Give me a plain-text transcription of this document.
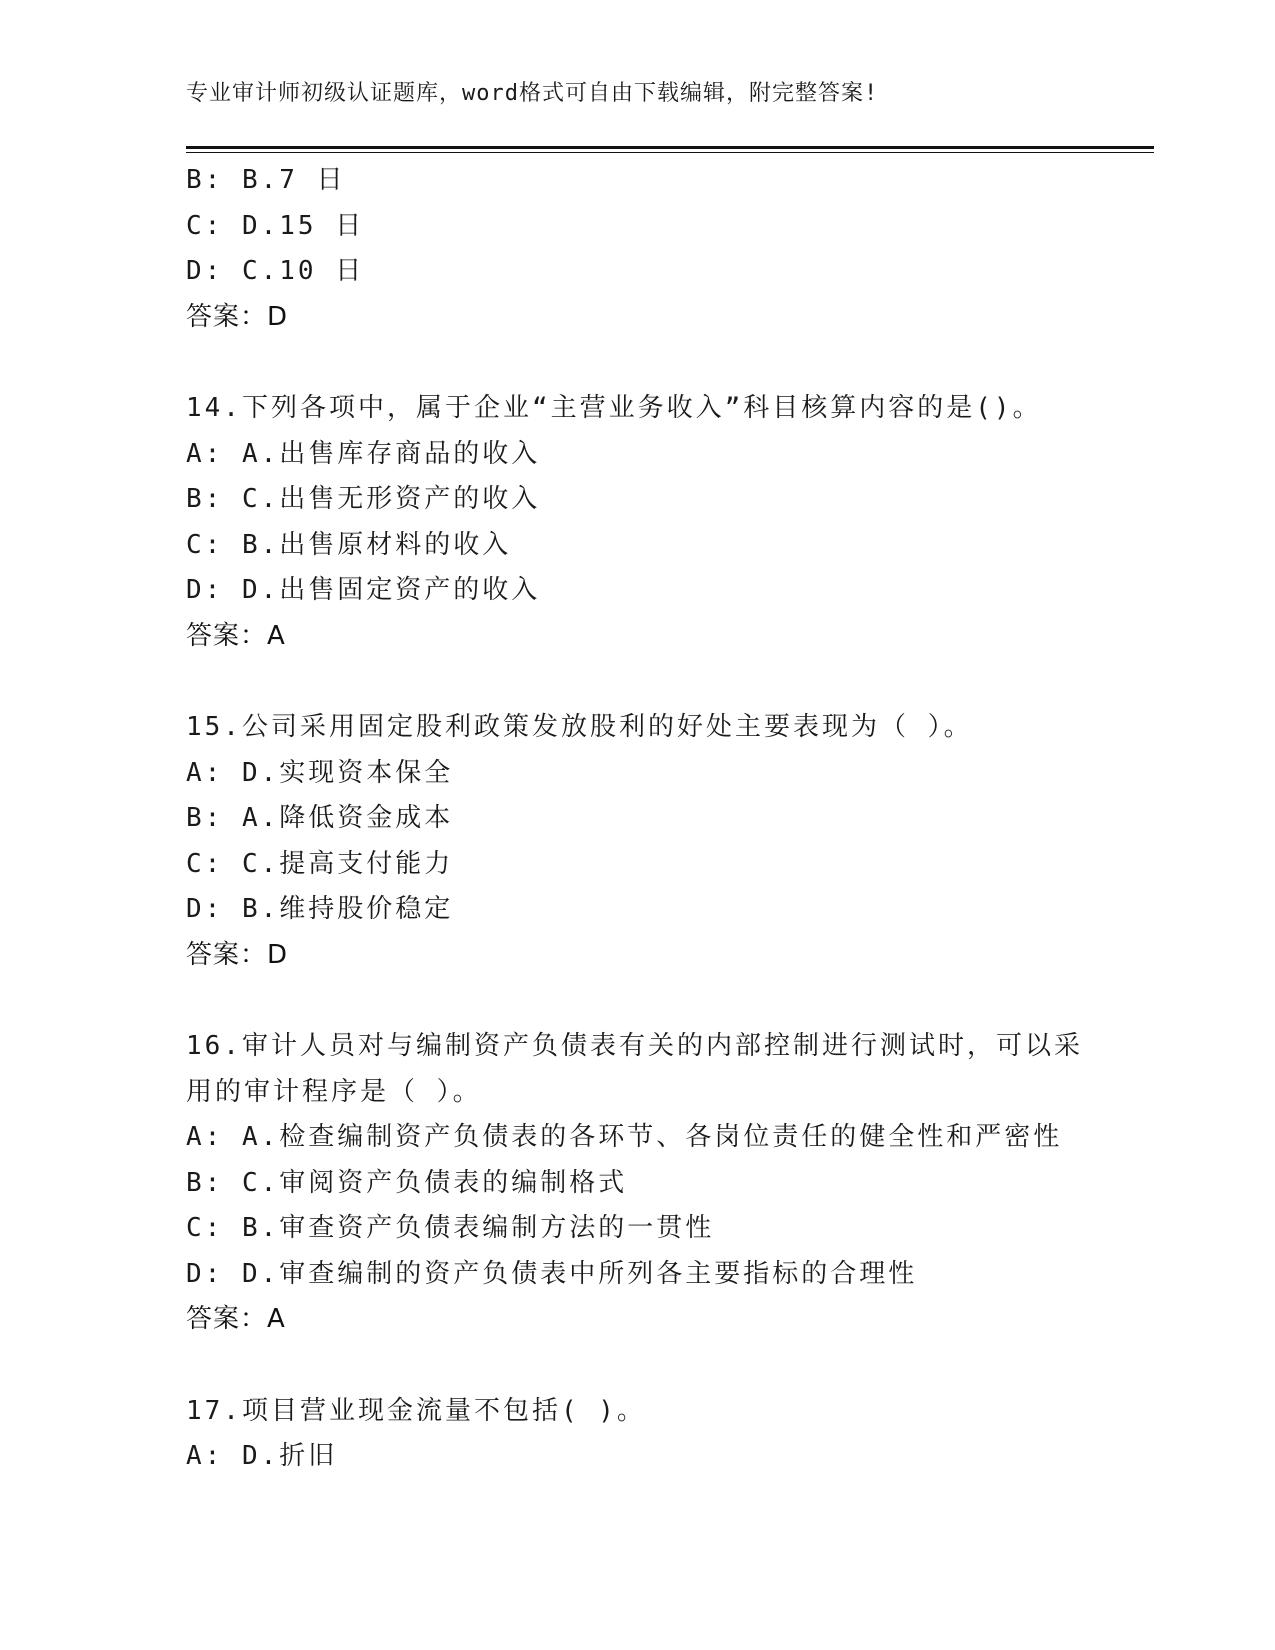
专业审计师初级认证题库，word格式可自由下载编辑，附完整答案!
B: B.7 日
C: D.15 日
D: C.10 日
答案：D
14.下列各项中，属于企业“主营业务收入”科目核算内容的是()。
A: A.出售库存商品的收入
B: C.出售无形资产的收入
C: B.出售原材料的收入
D: D.出售固定资产的收入
答案：A
15.公司采用固定股利政策发放股利的好处主要表现为（ ）。
A: D.实现资本保全
B: A.降低资金成本
C: C.提高支付能力
D: B.维持股价稳定
答案：D
16.审计人员对与编制资产负债表有关的内部控制进行测试时，可以采
用的审计程序是（ ）。
A: A.检查编制资产负债表的各环节、各岗位责任的健全性和严密性
B: C.审阅资产负债表的编制格式
C: B.审查资产负债表编制方法的一贯性
D: D.审查编制的资产负债表中所列各主要指标的合理性
答案：A
17.项目营业现金流量不包括( )。
A: D.折旧
